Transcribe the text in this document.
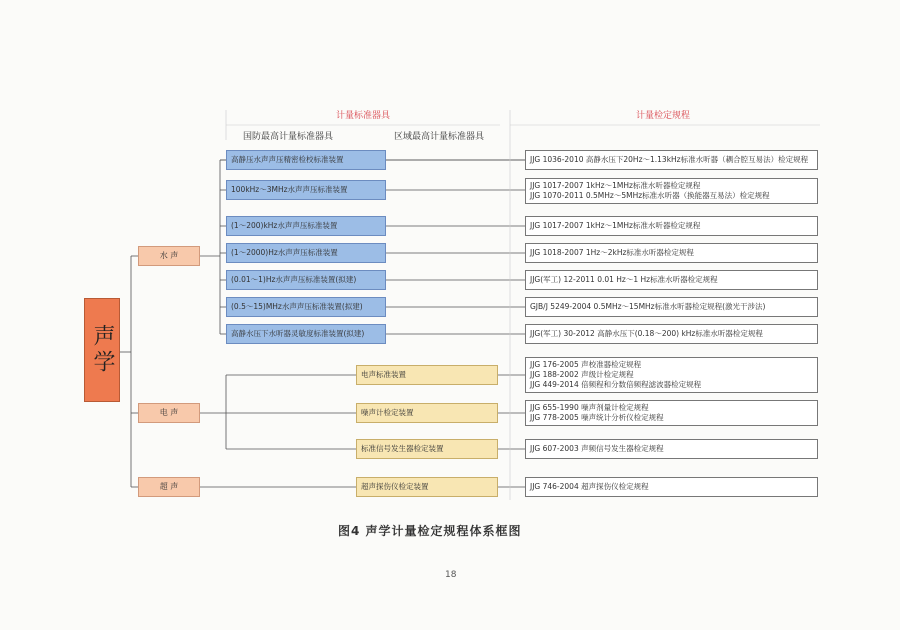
计量标准器具	计量检定规程
国防最高计量标准器具	区域最高计量标准器具
声学
水 声
电 声
超 声
高静压水声声压精密检校标准装置
100kHz～3MHz水声声压标准装置
(1～200)kHz水声声压标准装置
(1～2000)Hz水声声压标准装置
(0.01～1)Hz水声声压标准装置(拟建)
(0.5～15)MHz水声声压标准装置(拟建)
高静水压下水听器灵敏度标准装置(拟建)
电声标准装置
噪声计检定装置
标准信号发生器检定装置
超声探伤仪检定装置
JJG 1036-2010 高静水压下20Hz～1.13kHz标准水听器（耦合腔互易法）检定规程
JJG 1017-2007 1kHz～1MHz标准水听器检定规程
JJG 1070-2011 0.5MHz～5MHz标准水听器（换能器互易法）检定规程
JJG 1017-2007 1kHz～1MHz标准水听器检定规程
JJG 1018-2007 1Hz～2kHz标准水听器检定规程
JJG(军工) 12-2011 0.01 Hz～1 Hz标准水听器检定规程
GJB/J 5249-2004 0.5MHz～15MHz标准水听器检定规程(激光干涉法)
JJG(军工) 30-2012 高静水压下(0.18～200) kHz标准水听器检定规程
JJG 176-2005 声校准器检定规程
JJG 188-2002 声级计检定规程
JJG 449-2014 倍频程和分数倍频程滤波器检定规程
JJG 655-1990 噪声剂量计检定规程
JJG 778-2005 噪声统计分析仪检定规程
JJG 607-2003 声频信号发生器检定规程
JJG 746-2004 超声探伤仪检定规程
图4 声学计量检定规程体系框图
18
